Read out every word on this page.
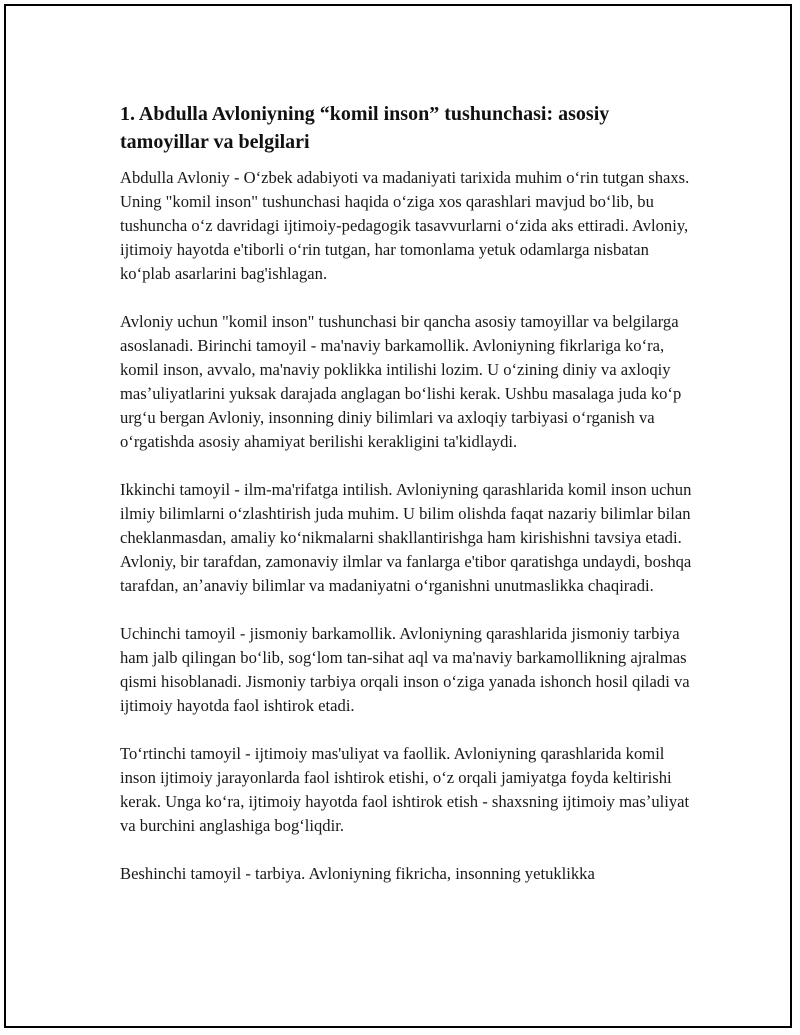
1. Abdulla Avloniyning “komil inson” tushunchasi: asosiy tamoyillar va belgilari

Abdulla Avloniy - Oʻzbek adabiyoti va madaniyati tarixida muhim oʻrin tutgan shaxs. Uning "komil inson" tushunchasi haqida oʻziga xos qarashlari mavjud boʻlib, bu tushuncha oʻz davridagi ijtimoiy-pedagogik tasavvurlarni oʻzida aks ettiradi. Avloniy, ijtimoiy hayotda e'tiborli oʻrin tutgan, har tomonlama yetuk odamlarga nisbatan koʻplab asarlarini bag'ishlagan.

Avloniy uchun "komil inson" tushunchasi bir qancha asosiy tamoyillar va belgilarga asoslanadi. Birinchi tamoyil - ma'naviy barkamollik. Avloniyning fikrlariga koʻra, komil inson, avvalo, ma'naviy poklikka intilishi lozim. U oʻzining diniy va axloqiy masʼuliyatlarini yuksak darajada anglagan boʻlishi kerak. Ushbu masalaga juda koʻp urgʻu bergan Avloniy, insonning diniy bilimlari va axloqiy tarbiyasi oʻrganish va oʻrgatishda asosiy ahamiyat berilishi kerakligini ta'kidlaydi.

Ikkinchi tamoyil - ilm-ma'rifatga intilish. Avloniyning qarashlarida komil inson uchun ilmiy bilimlarni oʻzlashtirish juda muhim. U bilim olishda faqat nazariy bilimlar bilan cheklanmasdan, amaliy koʻnikmalarni shakllantirishga ham kirishishni tavsiya etadi. Avloniy, bir tarafdan, zamonaviy ilmlar va fanlarga e'tibor qaratishga undaydi, boshqa tarafdan, anʼanaviy bilimlar va madaniyatni oʻrganishni unutmaslikka chaqiradi.

Uchinchi tamoyil - jismoniy barkamollik. Avloniyning qarashlarida jismoniy tarbiya ham jalb qilingan boʻlib, sogʻlom tan-sihat aql va ma'naviy barkamollikning ajralmas qismi hisoblanadi. Jismoniy tarbiya orqali inson oʻziga yanada ishonch hosil qiladi va ijtimoiy hayotda faol ishtirok etadi.

Toʻrtinchi tamoyil - ijtimoiy mas'uliyat va faollik. Avloniyning qarashlarida komil inson ijtimoiy jarayonlarda faol ishtirok etishi, oʻz orqali jamiyatga foyda keltirishi kerak. Unga koʻra, ijtimoiy hayotda faol ishtirok etish - shaxsning ijtimoiy masʼuliyat va burchini anglashiga bogʻliqdir.

Beshinchi tamoyil - tarbiya. Avloniyning fikricha, insonning yetuklikka
